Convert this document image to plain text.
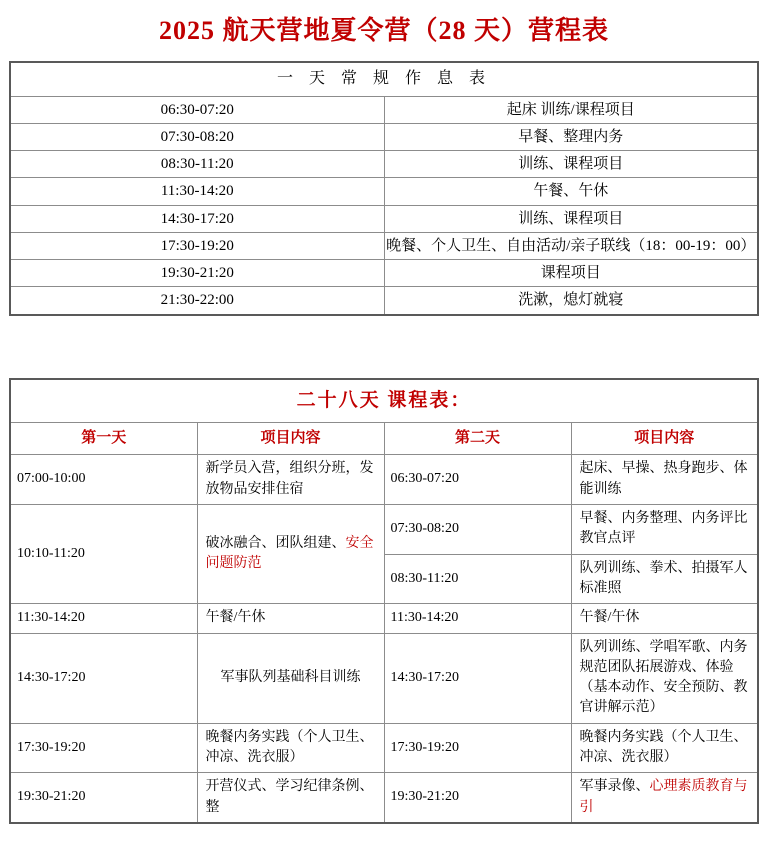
2025 航天营地夏令营（28 天）营程表
一 天 常 规 作 息 表	
06:30-07:20	起床 训练/课程项目
07:30-08:20	早餐、整理内务
08:30-11:20	训练、课程项目
11:30-14:20	午餐、午休
14:30-17:20	训练、课程项目
17:30-19:20	晚餐、个人卫生、自由活动/亲子联线（18：00-19：00）
19:30-21:20	课程项目
21:30-22:00	洗漱，熄灯就寝
二十八天 课程表：			
第一天	项目内容	第二天	项目内容
07:00-10:00	新学员入营，组织分班，发放物品安排住宿	06:30-07:20	起床、早操、热身跑步、体能训练
10:10-11:20	破冰融合、团队组建、安全问题防范	07:30-08:20	早餐、内务整理、内务评比教官点评
		08:30-11:20	队列训练、拳术、拍摄军人标准照
11:30-14:20	午餐/午休	11:30-14:20	午餐/午休
14:30-17:20	军事队列基础科目训练	14:30-17:20	队列训练、学唱军歌、内务规范团队拓展游戏、体验（基本动作、安全预防、教官讲解示范）
17:30-19:20	晚餐内务实践（个人卫生、冲凉、洗衣服）	17:30-19:20	晚餐内务实践（个人卫生、冲凉、洗衣服）
19:30-21:20	开营仪式、学习纪律条例、整	19:30-21:20	军事录像、心理素质教育与引
